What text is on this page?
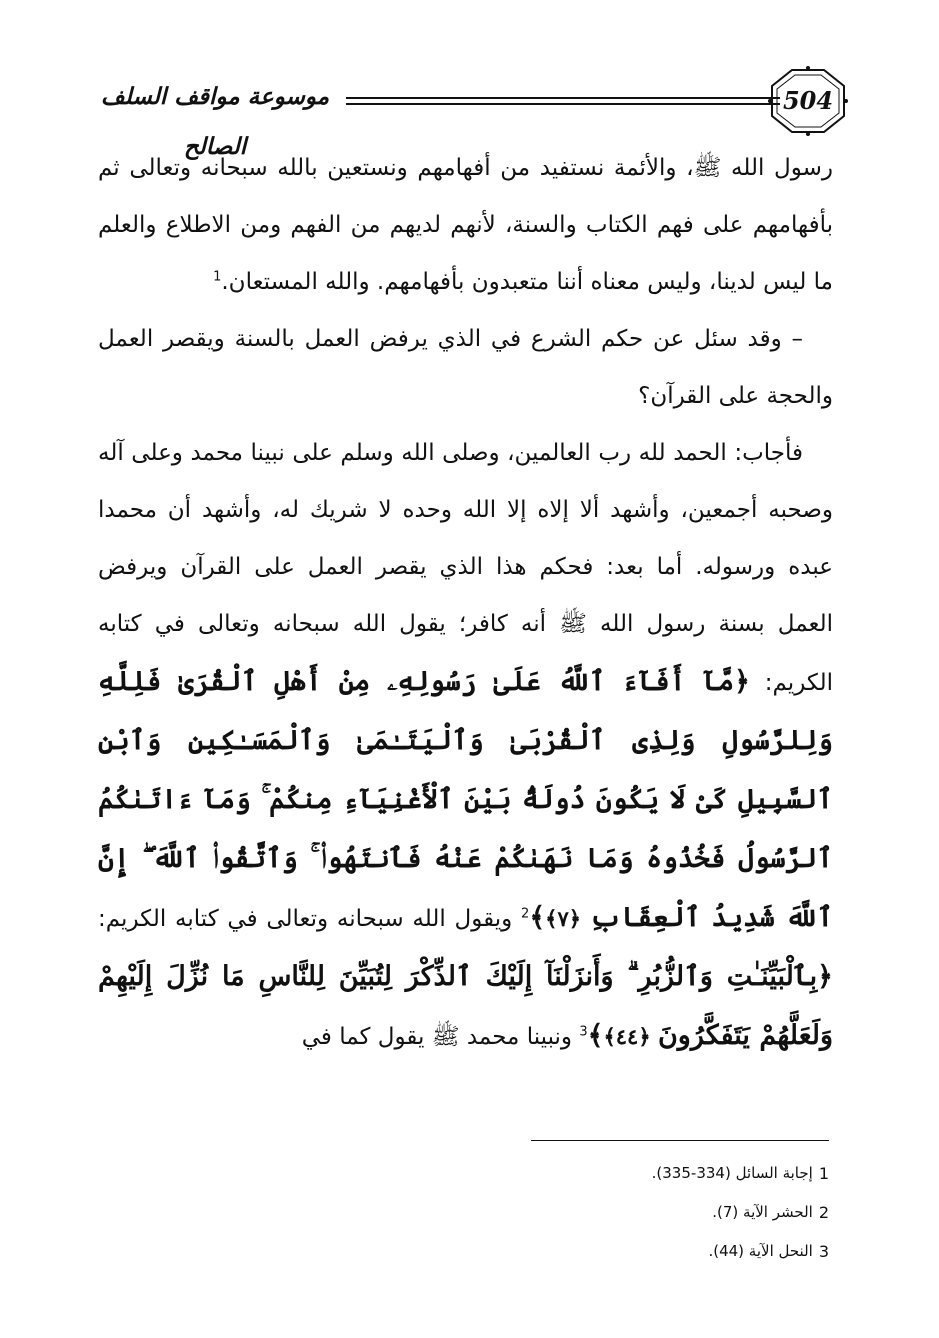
موسوعة مواقف السلف الصالح
504

رسول الله ﷺ، والأئمة نستفيد من أفهامهم ونستعين بالله سبحانه وتعالى ثم بأفهامهم على فهم الكتاب والسنة، لأنهم لديهم من الفهم ومن الاطلاع والعلم ما ليس لدينا، وليس معناه أننا متعبدون بأفهامهم. والله المستعان.$^1$

– وقد سئل عن حكم الشرع في الذي يرفض العمل بالسنة ويقصر العمل والحجة على القرآن؟

فأجاب: الحمد لله رب العالمين، وصلى الله وسلم على نبينا محمد وعلى آله وصحبه أجمعين، وأشهد ألا إلاه إلا الله وحده لا شريك له، وأشهد أن محمدا عبده ورسوله. أما بعد: فحكم هذا الذي يقصر العمل على القرآن ويرفض العمل بسنة رسول الله ﷺ أنه كافر؛ يقول الله سبحانه وتعالى في كتابه الكريم: ﴿مَّآ أَفَآءَ ٱللَّهُ عَلَىٰ رَسُولِهِۦ مِنْ أَهْلِ ٱلْقُرَىٰ فَلِلَّهِ وَلِلرَّسُولِ وَلِذِى ٱلْقُرْبَىٰ وَٱلْيَتَـٰمَىٰ وَٱلْمَسَـٰكِينِ وَٱبْنِ ٱلسَّبِيلِ كَىْ لَا يَكُونَ دُولَةًۢ بَيْنَ ٱلْأَغْنِيَآءِ مِنكُمْ ۚ وَمَآ ءَاتَىٰكُمُ ٱلرَّسُولُ فَخُذُوهُ وَمَا نَهَىٰكُمْ عَنْهُ فَٱنتَهُوا۟ ۚ وَٱتَّقُوا۟ ٱللَّهَ ۖ إِنَّ ٱللَّهَ شَدِيدُ ٱلْعِقَابِ ﴿٧﴾﴾$^2$ ويقول الله سبحانه وتعالى في كتابه الكريم: ﴿بِٱلْبَيِّنَـٰتِ وَٱلزُّبُرِ ۗ وَأَنزَلْنَآ إِلَيْكَ ٱلذِّكْرَ لِتُبَيِّنَ لِلنَّاسِ مَا نُزِّلَ إِلَيْهِمْ وَلَعَلَّهُمْ يَتَفَكَّرُونَ ﴿٤٤﴾﴾$^3$ ونبينا محمد ﷺ يقول كما في

1
إجابة السائل (334-335).
2
الحشر الآية (7).
3
النحل الآية (44).
